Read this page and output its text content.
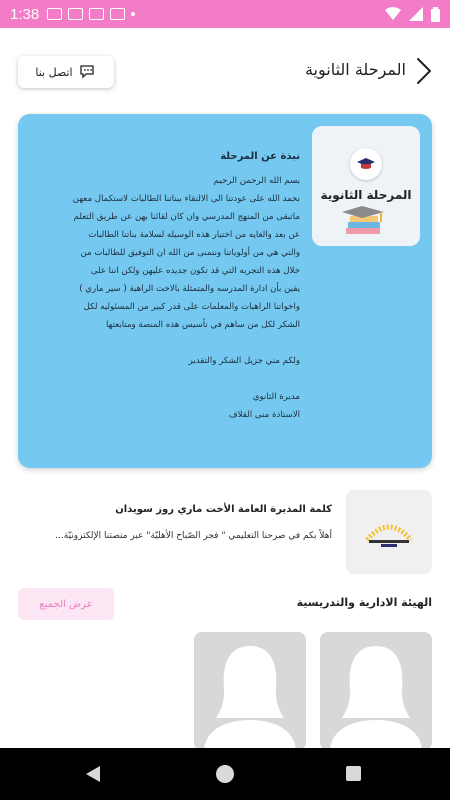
1:38
المرحلة الثانوية
اتصل بنا
المرحلة الثانوية
نبذة عن المرحلة

بسم الله الرحمن الرحيم

نحمد الله على عودتنا الى الالتقاء ببناتنا الطالبات لاستكمال معهن

ماتبقى من المنهج المدرسي وان كان لقائنا بهن عن طريق التعلم

عن بعد والغايه من اختيار هذه الوسيله لسلامة بناتنا الطالبات

والتي هي من أولوياتنا ونتمنى من الله ان التوفيق للطالبات من

خلال هذه التجربه التي قد تكون جديده عليهن ولكن اننا على

يقين بأن ادارة المدرسه والمتمثلة بالاخت الراهبة ( سير ماري )

واخواتنا الراهبات والمعلمات على قدر كبير من المسئوليه لكل

الشكر لكل من ساهم في تأسيس هذه المنصة ومتابعتها

ولكم مني جزيل الشكر والتقدير

مديرة الثانوي

الاستاذة منى القلاف

كلمة المديرة العامة الأخت ماري روز سويدان
أهلاً بكم في صرحنا التعليمي " فجر الصّباح الأهليّة" عبر منصتنا الإلكترونيّة...
الهيئة الادارية والتدريسية
عرض الجميع
